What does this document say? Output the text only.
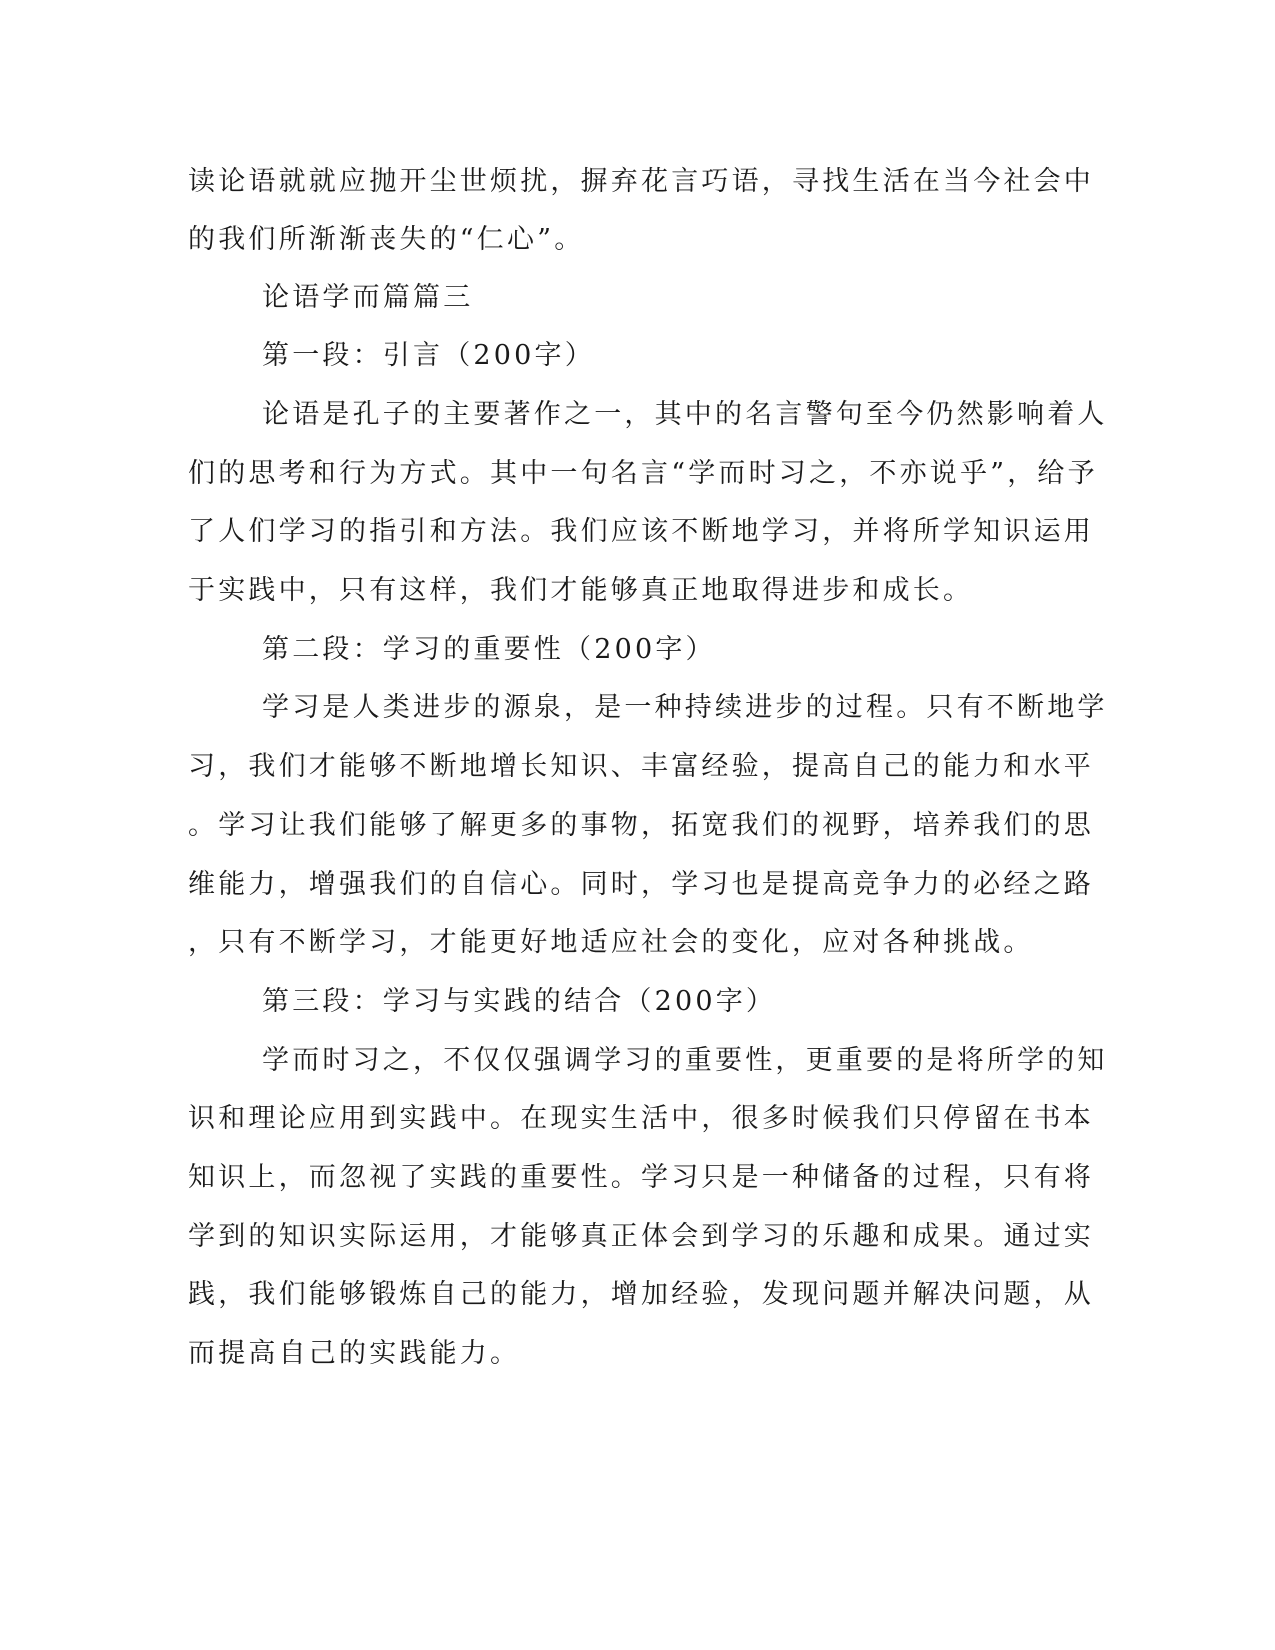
读论语就就应抛开尘世烦扰，摒弃花言巧语，寻找生活在当今社会中

的我们所渐渐丧失的“仁心”。

论语学而篇篇三

第一段：引言（200字）

论语是孔子的主要著作之一，其中的名言警句至今仍然影响着人

们的思考和行为方式。其中一句名言“学而时习之，不亦说乎”，给予

了人们学习的指引和方法。我们应该不断地学习，并将所学知识运用

于实践中，只有这样，我们才能够真正地取得进步和成长。

第二段：学习的重要性（200字）

学习是人类进步的源泉，是一种持续进步的过程。只有不断地学

习，我们才能够不断地增长知识、丰富经验，提高自己的能力和水平

。学习让我们能够了解更多的事物，拓宽我们的视野，培养我们的思

维能力，增强我们的自信心。同时，学习也是提高竞争力的必经之路

，只有不断学习，才能更好地适应社会的变化，应对各种挑战。

第三段：学习与实践的结合（200字）

学而时习之，不仅仅强调学习的重要性，更重要的是将所学的知

识和理论应用到实践中。在现实生活中，很多时候我们只停留在书本

知识上，而忽视了实践的重要性。学习只是一种储备的过程，只有将

学到的知识实际运用，才能够真正体会到学习的乐趣和成果。通过实

践，我们能够锻炼自己的能力，增加经验，发现问题并解决问题，从

而提高自己的实践能力。
